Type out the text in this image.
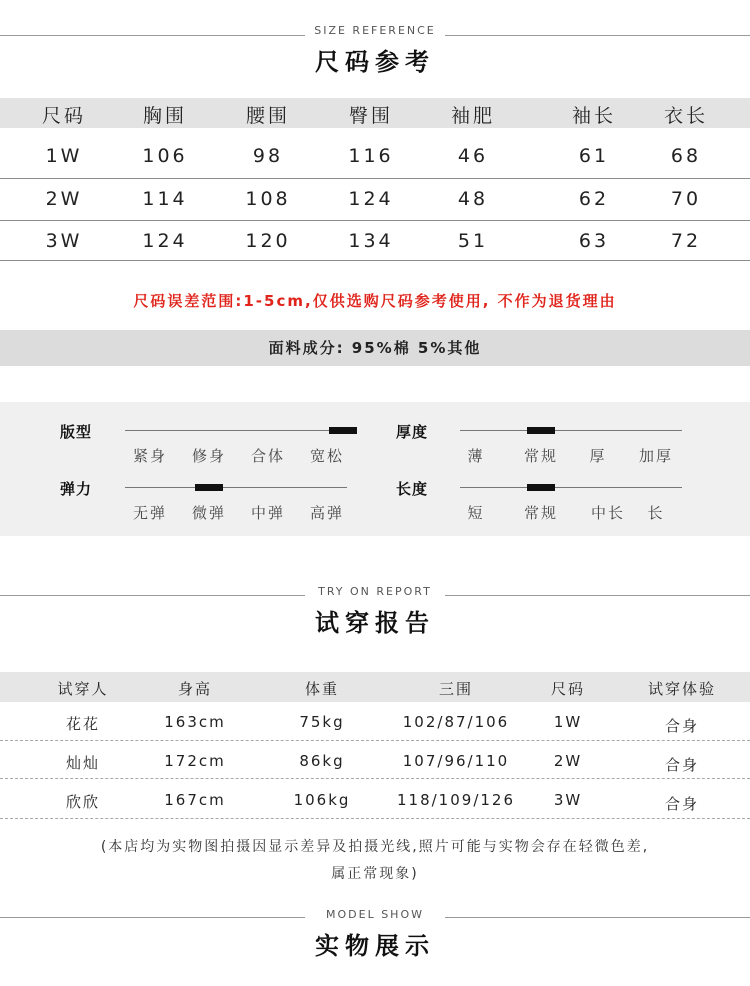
SIZE REFERENCE
尺码参考
尺码	胸围	腰围	臀围	袖肥	袖长	衣长
1W	106	98	116	46	61	68
2W	114	108	124	48	62	70
3W	124	120	134	51	63	72
尺码误差范围:1-5cm,仅供选购尺码参考使用, 不作为退货理由
面料成分: 95%棉 5%其他
版型
紧身	修身	合体	宽松
厚度
薄	常规	厚	加厚
弹力
无弹	微弹	中弹	高弹
长度
短	常规	中长	长
TRY ON REPORT
试穿报告
试穿人	身高	体重	三围	尺码	试穿体验
花花	163cm	75kg	102/87/106	1W	合身
灿灿	172cm	86kg	107/96/110	2W	合身
欣欣	167cm	106kg	118/109/126	3W	合身
(本店均为实物图拍摄因显示差异及拍摄光线,照片可能与实物会存在轻微色差,
属正常现象)
MODEL SHOW
实物展示
